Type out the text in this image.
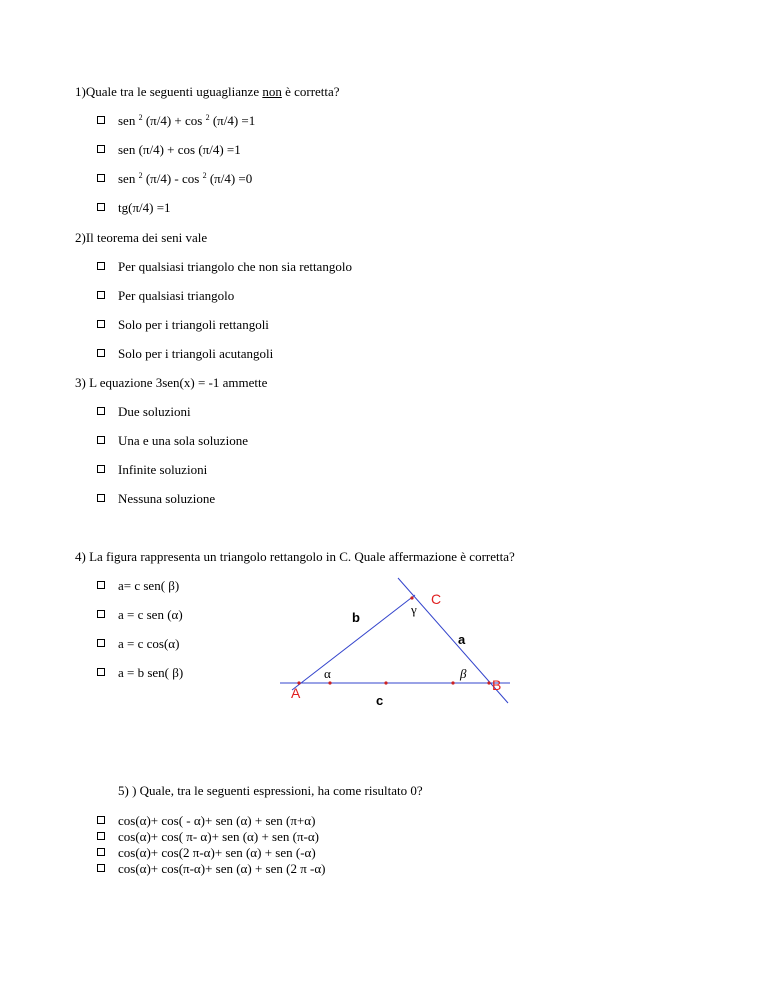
1)Quale tra le seguenti uguaglianze non è corretta?
sen $^2$ (π/4) + cos $^2$ (π/4) =1
sen (π/4) + cos (π/4) =1
sen $^2$ (π/4) - cos $^2$ (π/4) =0
tg(π/4) =1
2)Il teorema dei seni vale
Per qualsiasi triangolo che non sia rettangolo
Per qualsiasi triangolo
Solo per i triangoli rettangoli
Solo per i triangoli acutangoli
3) L equazione 3sen(x) = -1 ammette
Due soluzioni
Una e una sola soluzione
Infinite soluzioni
Nessuna soluzione
4) La figura rappresenta un triangolo rettangolo in C. Quale affermazione è corretta?
a= c sen( β)
a = c sen (α)
a = c cos(α)
a = b sen( β)
C
γ
b
a
α	β
A	B
c
5) ) Quale, tra le seguenti espressioni, ha come risultato 0?
cos(α)+ cos( - α)+ sen (α) + sen (π+α)
cos(α)+ cos( π- α)+ sen (α) + sen (π-α)
cos(α)+ cos(2 π-α)+ sen (α) + sen (-α)
cos(α)+ cos(π-α)+ sen (α) + sen (2 π -α)
